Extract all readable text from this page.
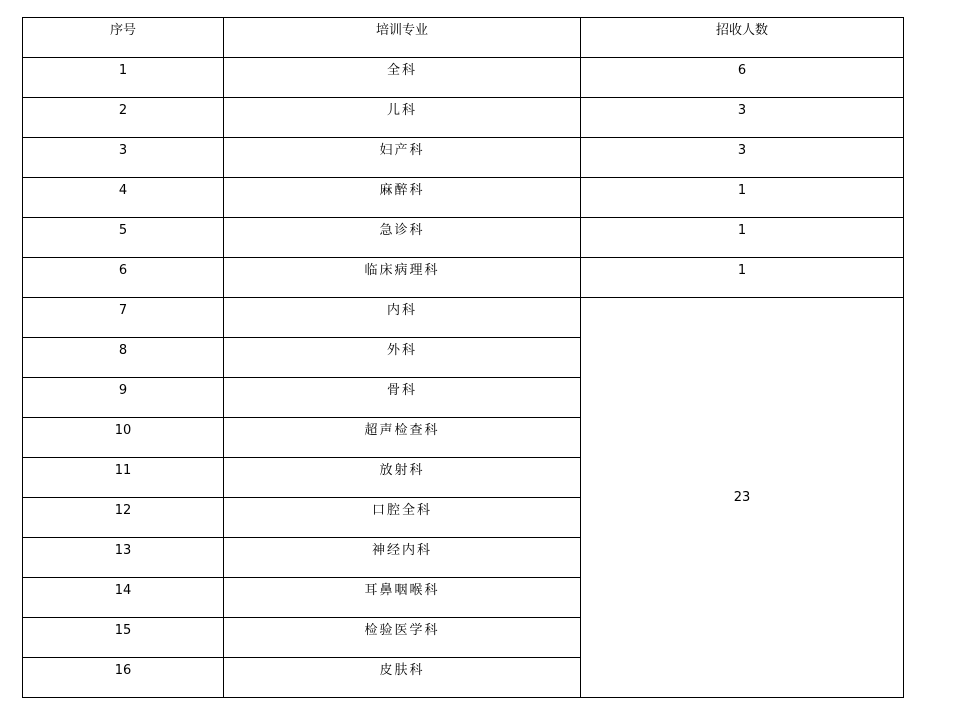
序号	培训专业	招收人数
1	全科	6
2	儿科	3
3	妇产科	3
4	麻醉科	1
5	急诊科	1
6	临床病理科	1
7	内科	23
8	外科	
9	骨科	
10	超声检查科	
11	放射科	
12	口腔全科	
13	神经内科	
14	耳鼻咽喉科	
15	检验医学科	
16	皮肤科	
